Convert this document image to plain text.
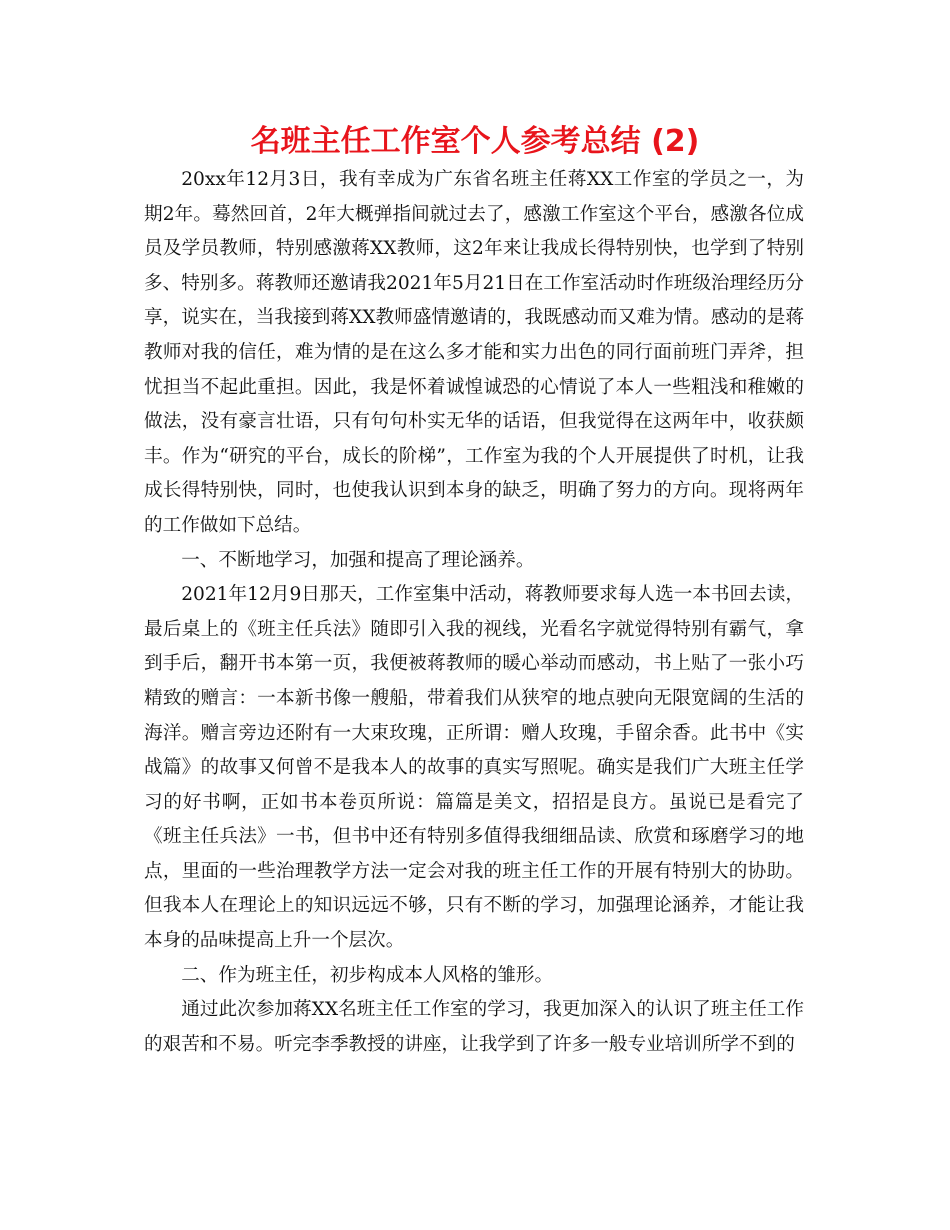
名班主任工作室个人参考总结 (2)

20xx年12月3日，我有幸成为广东省名班主任蒋XX工作室的学员之一，为期2年。蓦然回首，2年大概弹指间就过去了，感激工作室这个平台，感激各位成员及学员教师，特别感激蒋XX教师，这2年来让我成长得特别快，也学到了特别多、特别多。蒋教师还邀请我2021年5月21日在工作室活动时作班级治理经历分享，说实在，当我接到蒋XX教师盛情邀请的，我既感动而又难为情。感动的是蒋教师对我的信任，难为情的是在这么多才能和实力出色的同行面前班门弄斧，担忧担当不起此重担。因此，我是怀着诚惶诚恐的心情说了本人一些粗浅和稚嫩的做法，没有豪言壮语，只有句句朴实无华的话语，但我觉得在这两年中，收获颇丰。作为“研究的平台，成长的阶梯”，工作室为我的个人开展提供了时机，让我成长得特别快，同时，也使我认识到本身的缺乏，明确了努力的方向。现将两年的工作做如下总结。

一、不断地学习，加强和提高了理论涵养。

2021年12月9日那天，工作室集中活动，蒋教师要求每人选一本书回去读，最后桌上的《班主任兵法》随即引入我的视线，光看名字就觉得特别有霸气，拿到手后，翻开书本第一页，我便被蒋教师的暖心举动而感动，书上贴了一张小巧精致的赠言：一本新书像一艘船，带着我们从狭窄的地点驶向无限宽阔的生活的海洋。赠言旁边还附有一大束玫瑰，正所谓：赠人玫瑰，手留余香。此书中《实战篇》的故事又何曾不是我本人的故事的真实写照呢。确实是我们广大班主任学习的好书啊，正如书本卷页所说：篇篇是美文，招招是良方。虽说已是看完了《班主任兵法》一书，但书中还有特别多值得我细细品读、欣赏和琢磨学习的地点，里面的一些治理教学方法一定会对我的班主任工作的开展有特别大的协助。但我本人在理论上的知识远远不够，只有不断的学习，加强理论涵养，才能让我本身的品味提高上升一个层次。

二、作为班主任，初步构成本人风格的雏形。

通过此次参加蒋XX名班主任工作室的学习，我更加深入的认识了班主任工作的艰苦和不易。听完李季教授的讲座，让我学到了许多一般专业培训所学不到的
